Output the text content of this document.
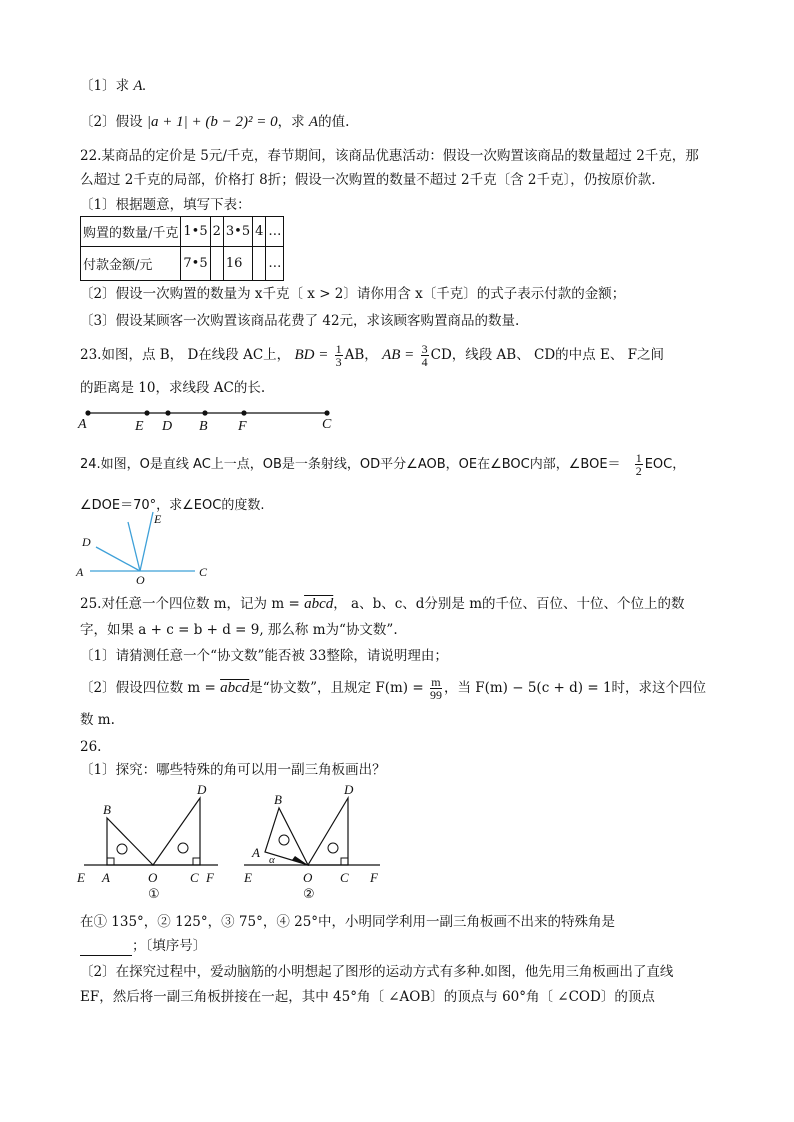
〔1〕求 A.
〔2〕假设 |a + 1| + (b − 2)² = 0，求 A的值.
22.某商品的定价是 5元/千克，春节期间，该商品优惠活动：假设一次购置该商品的数量超过 2千克，那
么超过 2千克的局部，价格打 8折；假设一次购置的数量不超过 2千克〔含 2千克〕，仍按原价款.
〔1〕根据题意，填写下表：
购置的数量/千克	1•5	2	3•5	4	…
付款金额/元	7•5		16		…
〔2〕假设一次购置的数量为 x千克〔 x > 2〕请你用含 x〔千克〕的式子表示付款的金额；
〔3〕假设某顾客一次购置该商品花费了 42元，求该顾客购置商品的数量.
23.如图，点 B， D在线段 AC上， BD = $\frac{1}{3}$ AB， AB = $\frac{3}{4}$ CD，线段 AB、 CD的中点 E、 F之间
的距离是 10，求线段 AC的长.
A	E D B F	C
24.如图，O是直线 AC上一点，OB是一条射线，OD平分∠AOB，OE在∠BOC内部，∠BOE＝ $\frac{1}{2}$ EOC，
∠DOE＝70°，求∠EOC的度数.
E
D
A
O
C
25.对任意一个四位数 m，记为 m = abcd， a、b、c、d分别是 m的千位、百位、十位、个位上的数
字，如果 a + c = b + d = 9, 那么称 m为“协文数”.
〔1〕请猜测任意一个“协文数”能否被 33整除，请说明理由；
〔2〕假设四位数 m = abcd是“协文数”，且规定 $F(m) = \frac{m}{99}$ ，当 F(m) − 5(c + d) = 1时，求这个四位
数 m.
26.
〔1〕探究：哪些特殊的角可以用一副三角板画出？
B
D
E A	O	C F
①
B
D
A α
E	O C F
②
在① 135°，② 125°，③ 75°，④ 25°中，小明同学利用一副三角板画不出来的特殊角是
；〔填序号〕
〔2〕在探究过程中，爱动脑筋的小明想起了图形的运动方式有多种.如图，他先用三角板画出了直线
EF，然后将一副三角板拼接在一起，其中 45°角〔 ∠AOB〕的顶点与 60°角〔 ∠COD〕的顶点
